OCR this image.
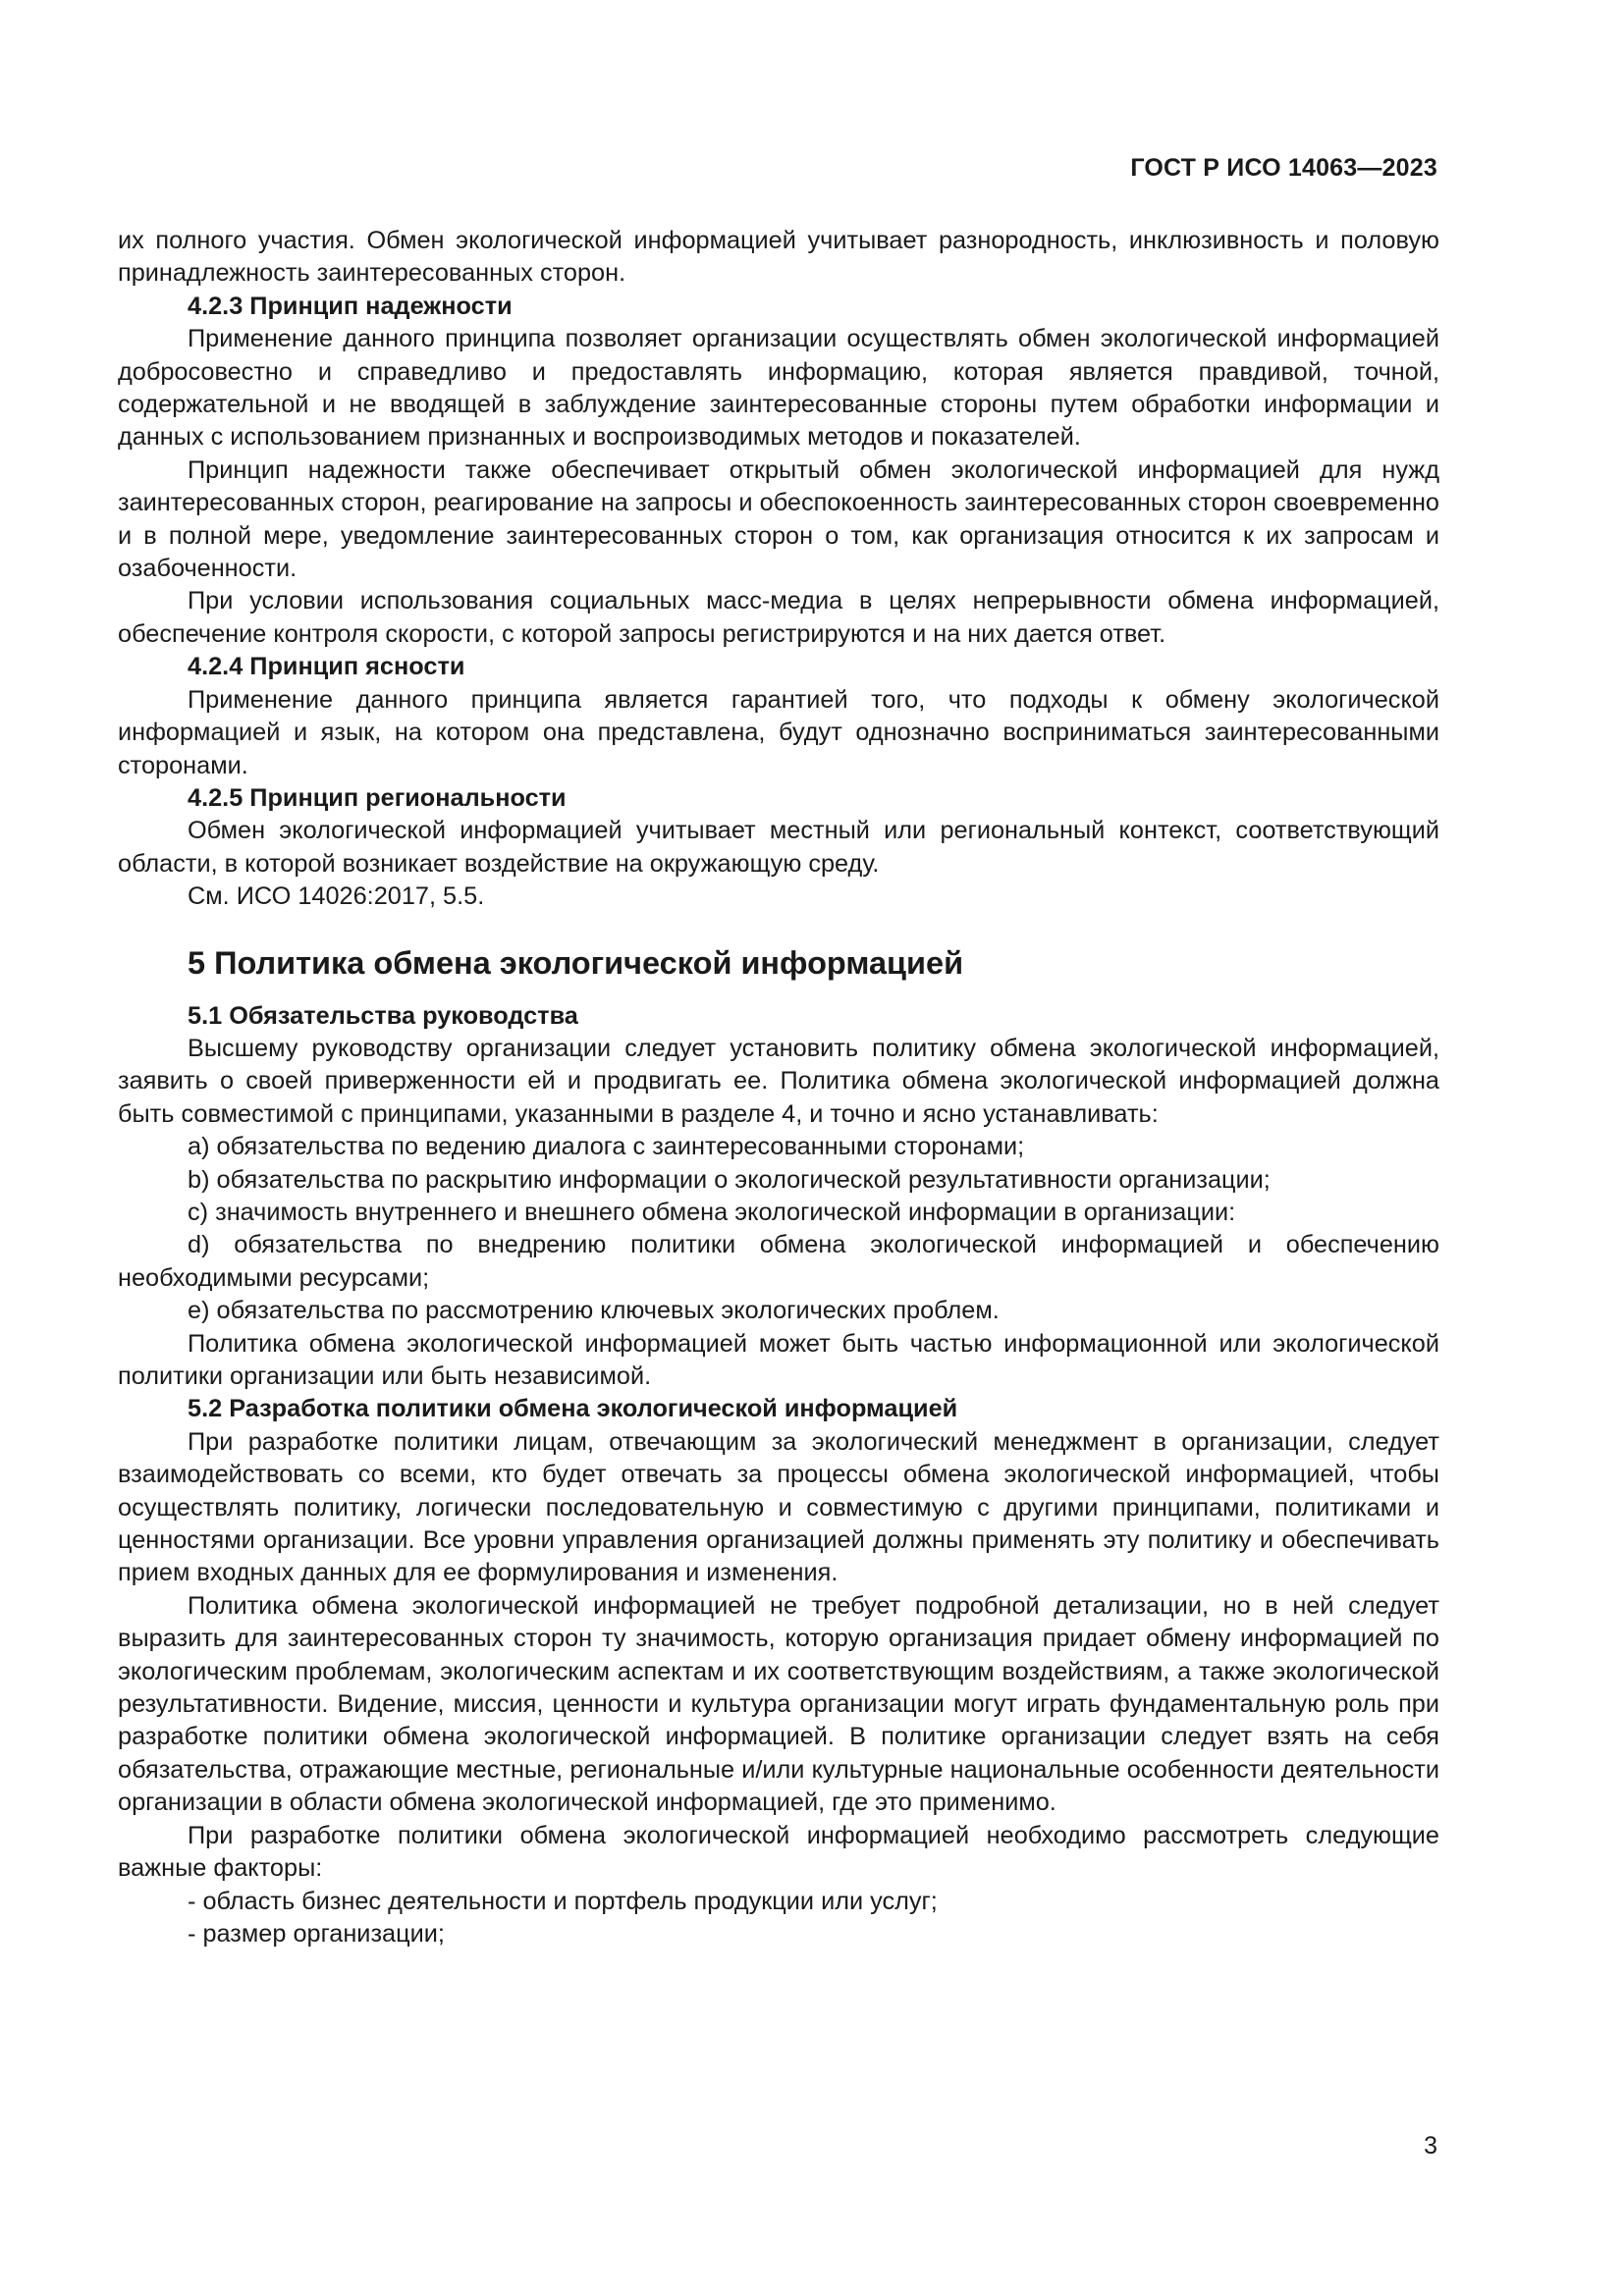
ГОСТ Р ИСО 14063—2023

их полного участия. Обмен экологической информацией учитывает разнородность, инклюзивность и половую принадлежность заинтересованных сторон.

4.2.3 Принцип надежности

Применение данного принципа позволяет организации осуществлять обмен экологической информацией добросовестно и справедливо и предоставлять информацию, которая является правдивой, точной, содержательной и не вводящей в заблуждение заинтересованные стороны путем обработки информации и данных с использованием признанных и воспроизводимых методов и показателей.

Принцип надежности также обеспечивает открытый обмен экологической информацией для нужд заинтересованных сторон, реагирование на запросы и обеспокоенность заинтересованных сторон своевременно и в полной мере, уведомление заинтересованных сторон о том, как организация относится к их запросам и озабоченности.

При условии использования социальных масс-медиа в целях непрерывности обмена информацией, обеспечение контроля скорости, с которой запросы регистрируются и на них дается ответ.

4.2.4 Принцип ясности

Применение данного принципа является гарантией того, что подходы к обмену экологической информацией и язык, на котором она представлена, будут однозначно восприниматься заинтересованными сторонами.

4.2.5 Принцип региональности

Обмен экологической информацией учитывает местный или региональный контекст, соответствующий области, в которой возникает воздействие на окружающую среду.

См. ИСО 14026:2017, 5.5.

5 Политика обмена экологической информацией

5.1 Обязательства руководства

Высшему руководству организации следует установить политику обмена экологической информацией, заявить о своей приверженности ей и продвигать ее. Политика обмена экологической информацией должна быть совместимой с принципами, указанными в разделе 4, и точно и ясно устанавливать:

a) обязательства по ведению диалога с заинтересованными сторонами;

b) обязательства по раскрытию информации о экологической результативности организации;

c) значимость внутреннего и внешнего обмена экологической информации в организации:

d) обязательства по внедрению политики обмена экологической информацией и обеспечению необходимыми ресурсами;

e) обязательства по рассмотрению ключевых экологических проблем.

Политика обмена экологической информацией может быть частью информационной или экологической политики организации или быть независимой.

5.2 Разработка политики обмена экологической информацией

При разработке политики лицам, отвечающим за экологический менеджмент в организации, следует взаимодействовать со всеми, кто будет отвечать за процессы обмена экологической информацией, чтобы осуществлять политику, логически последовательную и совместимую с другими принципами, политиками и ценностями организации. Все уровни управления организацией должны применять эту политику и обеспечивать прием входных данных для ее формулирования и изменения.

Политика обмена экологической информацией не требует подробной детализации, но в ней следует выразить для заинтересованных сторон ту значимость, которую организация придает обмену информацией по экологическим проблемам, экологическим аспектам и их соответствующим воздействиям, а также экологической результативности. Видение, миссия, ценности и культура организации могут играть фундаментальную роль при разработке политики обмена экологической информацией. В политике организации следует взять на себя обязательства, отражающие местные, региональные и/или культурные национальные особенности деятельности организации в области обмена экологической информацией, где это применимо.

При разработке политики обмена экологической информацией необходимо рассмотреть следующие важные факторы:

- область бизнес деятельности и портфель продукции или услуг;

- размер организации;

3
